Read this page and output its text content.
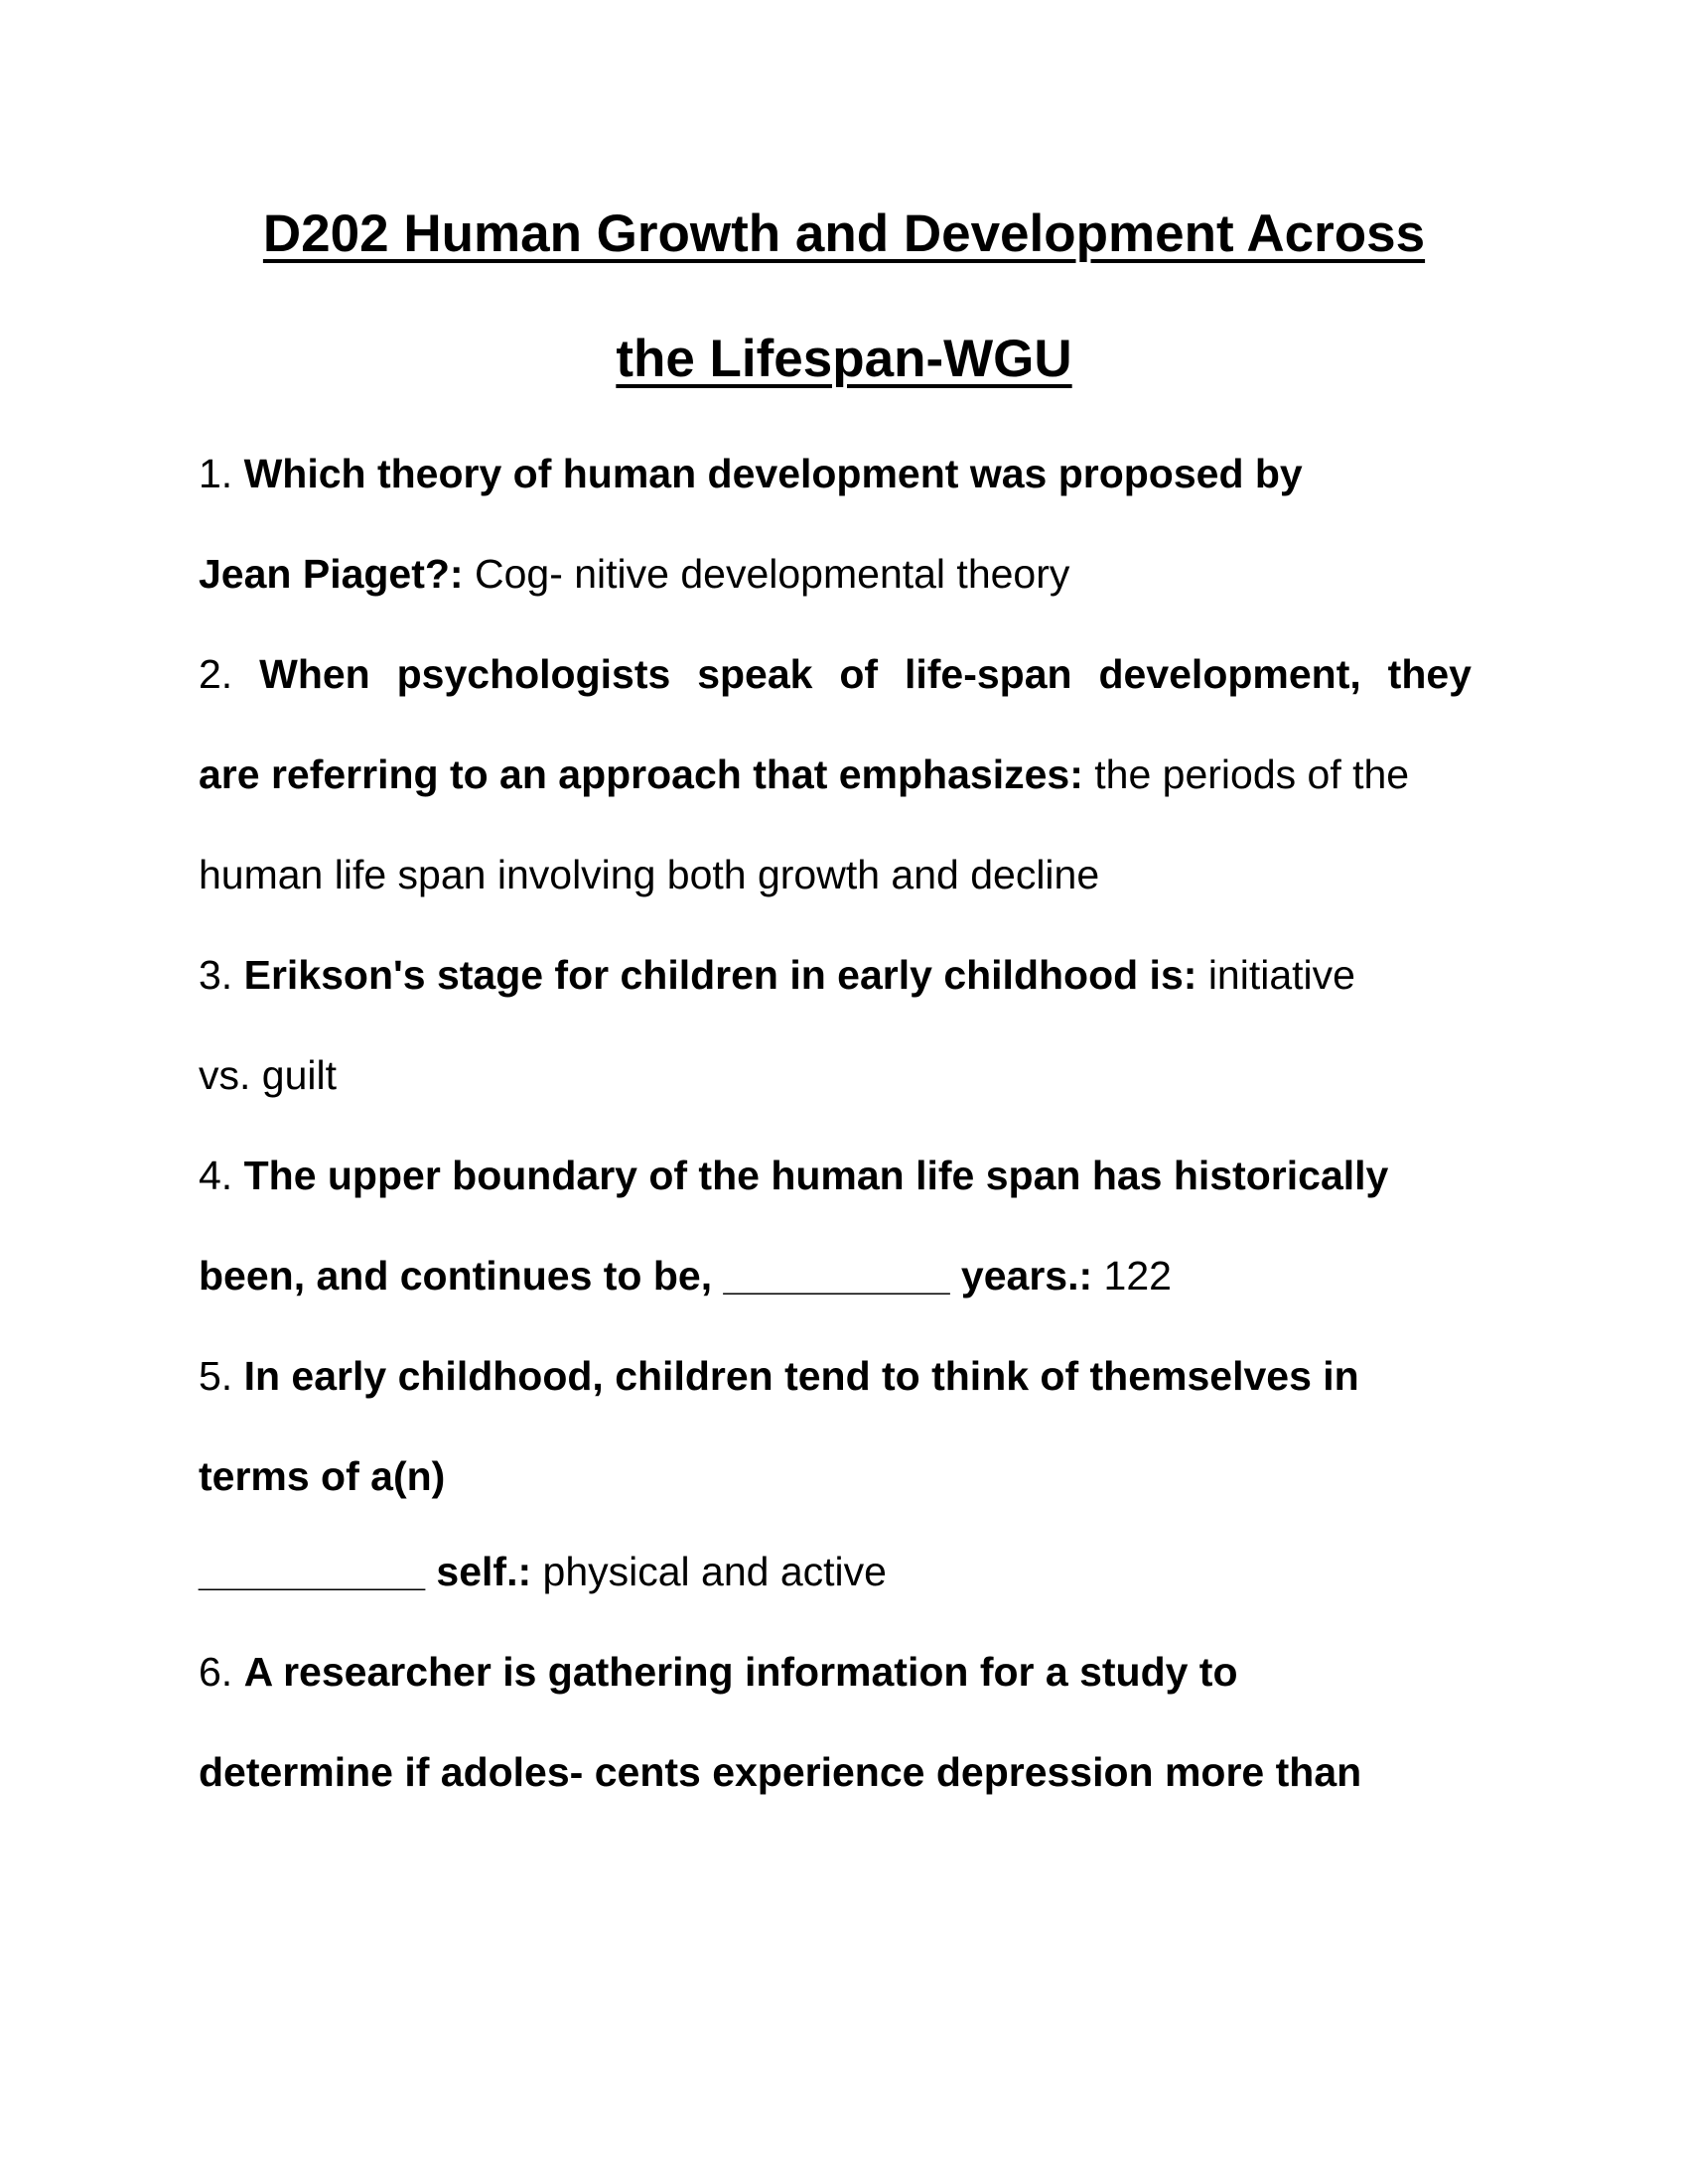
D202 Human Growth and Development Across
the Lifespan-WGU
1. Which theory of human development was proposed by
Jean Piaget?: Cog- nitive developmental theory
2. When psychologists speak of life-span development, they
are referring to an approach that emphasizes: the periods of the
human life span involving both growth and decline
3. Erikson's stage for children in early childhood is: initiative
vs. guilt
4. The upper boundary of the human life span has historically
been, and continues to be, __________ years.: 122
5. In early childhood, children tend to think of themselves in
terms of a(n)
__________ self.: physical and active
6. A researcher is gathering information for a study to
determine if adoles- cents experience depression more than
